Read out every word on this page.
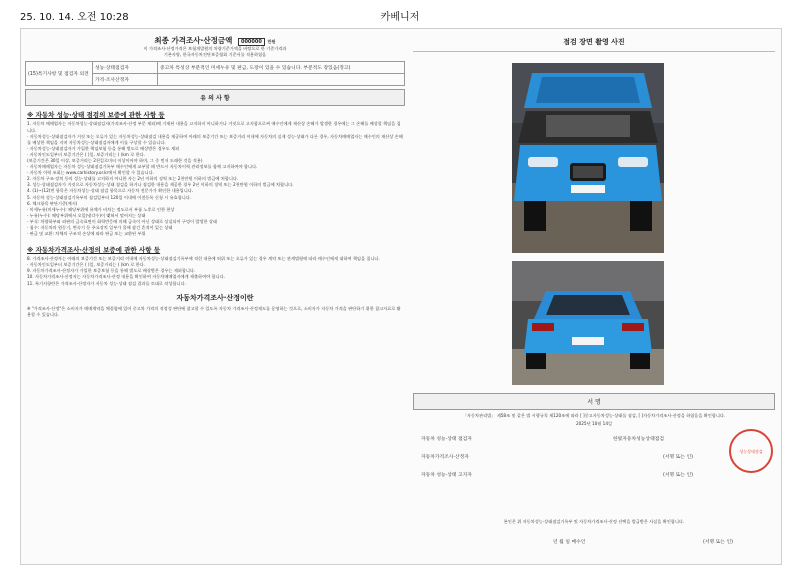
25. 10. 14. 오전 10:28	카베니저
최종 가격조사·산정금액 000000 만원
이 가격조사·산정가격은 보험개발원의 차량기준가액을 바탕으로 한 기준가격과
기본사양, 한국자동차진단보증협회 기준서를 적용하였음
(15)특기사항 및 점검자 의견	성능·상태점검자	중고차 특성상 부분적인 미세누유 및 판금, 도장이 있을 수 있습니다. 부분적도 장있음(정고)
	가격·조사산정자	
유 의 사 항
※ 자동차 성능·상태 점검의 보증에 관한 사항 등

1. 자동차 매매업자는 자동차성능·상태점검자(가격조사·산정 부문 제외)에 기재된 내용을 고지하지 아니하거나 거짓으로 고지함으로써 매수인에게 재산상 손해가 발생한 경우에는 그 손해를 배상할 책임을 집니다.

· 자동차성능·상태점검자가 거짓 또는 오류가 있는 자동차성능·상태점검 내용을 제공하여 아래의 보증기간 또는 보증거리 이내에 자동차의 실제 성능·상태가 다른 경우, 자동차매매업자는 매수인의 재산상 손해를 배상한 책임을 지며 자동차성능·상태점검자에게 이를 구상할 수 있습니다.

· 자동차성능·상태점검자가 가입한 책임보험 등을 통해 별도로 배상받은 경우도 제외

· 자동차인도일부터 보증기간은 ( )일, 보증거리는 ( )km 로 한다.

(보증기간은 30일 이상, 보증거리는 2천킬로미터 이상이어야 하며, 그 중 먼저 도래한 것을 적용)

· 자동차매매업자는 자동차 성능·상태점검기록부 매수인에게 교부할 때 반드시 자동차이력 관리정보를 함께 고지하여야 합니다.

· 자동차 이력 조회는 www.carhistory.or.kr에서 확인할 수 있습니다.

2. 자동차 구조·장치 등의 성능·상태를 고지하지 아니한 자는 2년 이하의 징역 또는 2천만원 이하의 벌금에 처합니다.

3. 성능·상태점검자가 거짓으로 자동차성능·상태 점검을 하거나 점검한 내용을 제공한 경우 2년 이하의 징역 또는 2천만원 이하의 벌금에 처합니다.

4. (1)~(12)번 항목은 자동차성능·상태 점검 항목으로 자동차 전문가가 확인한 내용입니다.

5. 자동차 성능·상태점검기록부의 점검일부터 120일 이내에 이전등록 신청 시 유효합니다.

6. 체크항목 판단기준(예시)

· 미세누유(미세누수): 해당부위에 유체가 비치는 정도로서 부품 노후로 인한 현상

· 누유(누수): 해당부위에서 오일(냉각수)이 맺혀서 떨어지는 상태

· 부식: 차량하부와 외판의 금속표면이 화학반응에 의해 금속이 아닌 상태로 상실되어 구멍이 발생한 상태

· 침수: 자동차의 원동기, 변속기 등 주요장치 일부가 물에 잠긴 흔적이 있는 상태

· 판금 및 교환: 차체의 구조적 손상에 따라 판금 또는 교환된 부위

※ 자동차가격조사·산정의 보증에 관한 사항 등

8. 가격조사·산정자는 아래의 보증기간 또는 보증거리 이내에 자동차성능·상태점검기록부에 적힌 내용에 허위 또는 오류가 있는 경우 계약 또는 관계법령에 따라 매수인에게 대하여 책임을 집니다.

· 자동차인도일부터 보증기간은 ( )일, 보증거리는 ( )km 로 한다.

9. 자동차가격조사·산정자가 가입한 보증보험 등을 통해 별도로 배상받은 경우는 제외합니다.

10. 자동차가격조사·산정자는 자동차가격조사·산정 내용을 확인하여 자동차매매업자에게 제출하여야 합니다.

11. 특기사항란은 가격조사·산정자가 자동차 성능·상태 점검 결과를 토대로 작성합니다.

자동차가격조사·산정이란
※ "가격조사·산정"은 소비자가 매매계약을 체결함에 있어 중고차 가격의 적정성 판단에 참고할 수 있도록 자동차 가격조사·산정제도를 운영하는 것으로, 소비자가 자동차 가격을 판단하기 위한 참고자료로 활용할 수 있습니다.
점검 장면 촬영 사진
서 명
「자동차관리법」 제58조 및 같은 법 시행규칙 제120조에 따라 [ ]중고자동차성능·상태를 점검, [ ]자동차가격조사·산정을 하였음을 확인합니다.
2025년 10월 14일
자동차 성능·상태 점검자	한빛자동차성능상태점검
자동차가격조사·산정자	(서명 또는 인)
자동차 성능·상태 고지자	(서명 또는 인)
성능상태점검
본인은 위 자동차성능·상태점검기록부 및 자동차가격조사·산정 선택을 발급받은 사실을 확인합니다.
년 월 일 매수인	(서명 또는 인)
